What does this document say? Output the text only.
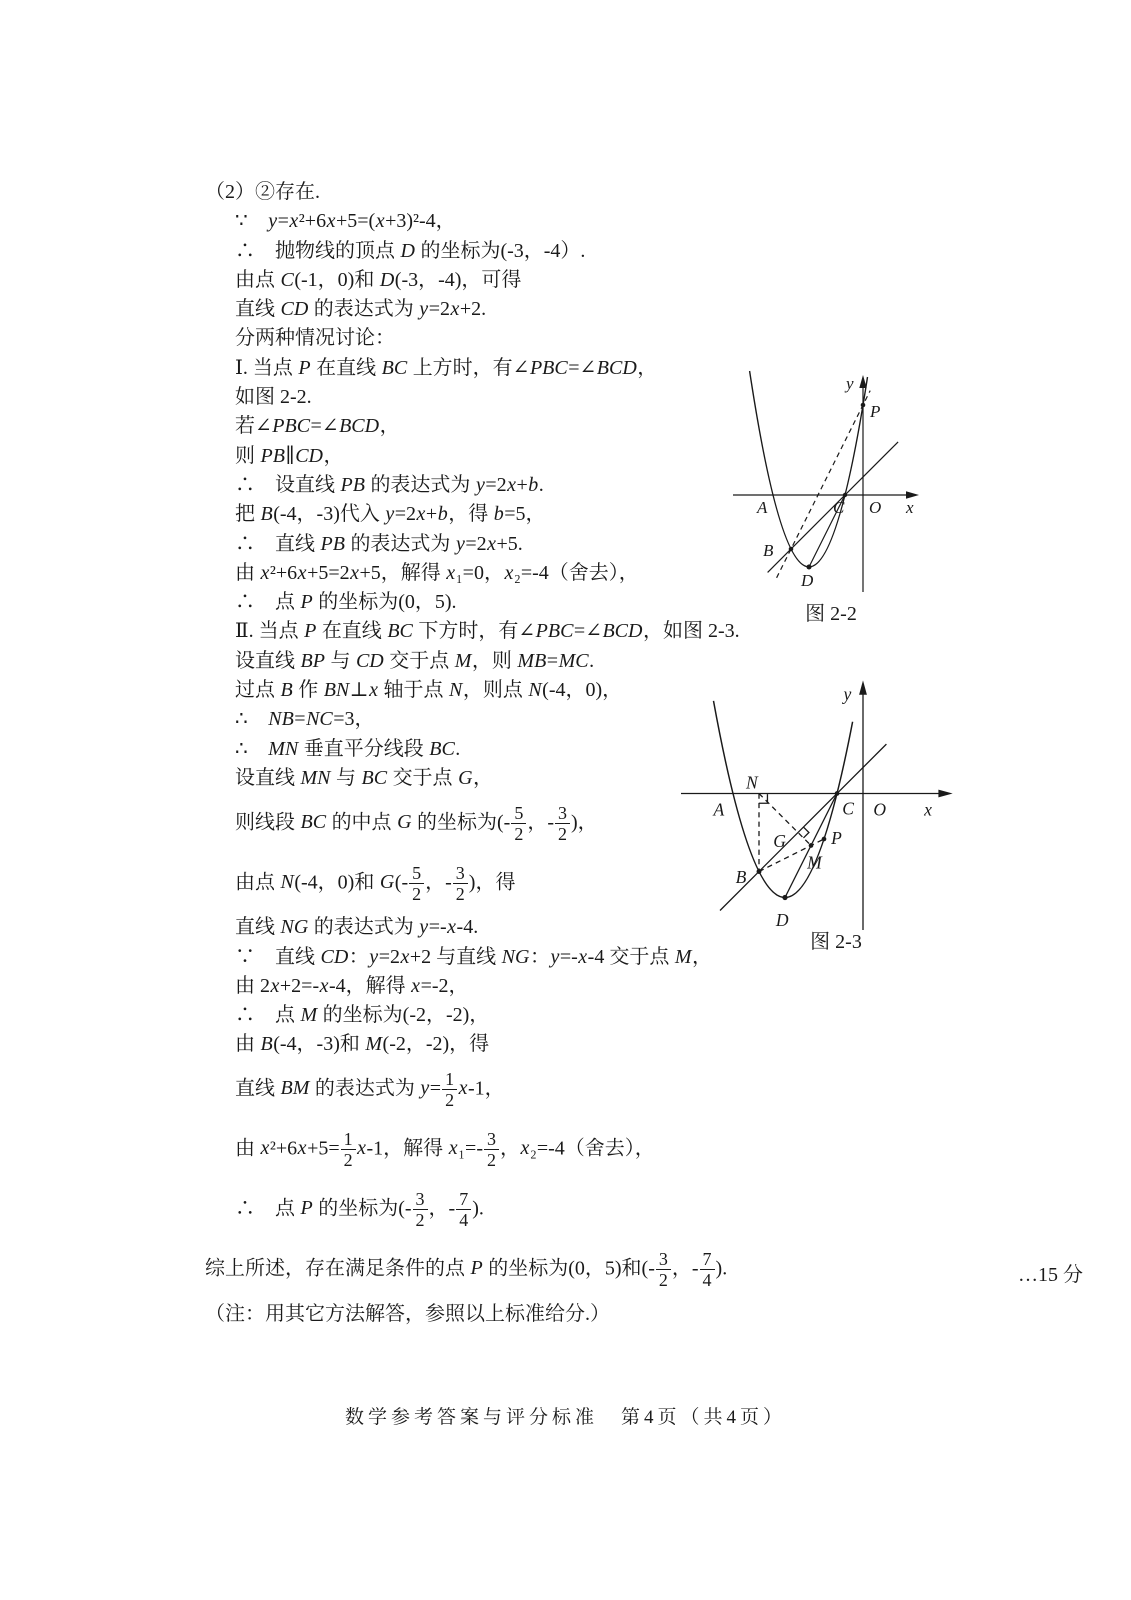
（2）②存在.
∵　y=x²+6x+5=(x+3)²-4，
∴　抛物线的顶点 D 的坐标为(-3，-4）.
由点 C(-1，0)和 D(-3，-4)，可得
直线 CD 的表达式为 y=2x+2.
分两种情况讨论：
Ⅰ. 当点 P 在直线 BC 上方时，有∠PBC=∠BCD，
如图 2-2.
若∠PBC=∠BCD，
则 PB∥CD，
∴　设直线 PB 的表达式为 y=2x+b.
把 B(-4，-3)代入 y=2x+b，得 b=5，
∴　直线 PB 的表达式为 y=2x+5.
由 x²+6x+5=2x+5，解得 x₁=0，x₂=-4（舍去），
∴　点 P 的坐标为(0，5).
Ⅱ. 当点 P 在直线 BC 下方时，有∠PBC=∠BCD，如图 2-3.
设直线 BP 与 CD 交于点 M，则 MB=MC.
过点 B 作 BN⊥x 轴于点 N，则点 N(-4，0)，
∴　NB=NC=3，
∴　MN 垂直平分线段 BC.
设直线 MN 与 BC 交于点 G，
则线段 BC 的中点 G 的坐标为(- $\frac{5}{2}$ ，- $\frac{3}{2}$ )，
由点 N(-4，0)和 $G(- \frac{5}{2}$ ，- $\frac{3}{2}$ )，得
直线 NG 的表达式为 y=-x-4.
∵　直线 CD：y=2x+2 与直线 NG：y=-x-4 交于点 M，
由 2x+2=-x-4，解得 x=-2，
∴　点 M 的坐标为(-2，-2)，
由 B(-4，-3)和 M(-2，-2)，得
直线 BM 的表达式为 $y= \frac{1}{2} x-1$，
由 $x^2+6x+5= \frac{1}{2} x-1$，解得 $x_1=- \frac{3}{2}$ ，x₂=-4（舍去），
∴　点 P 的坐标为(- $\frac{3}{2}$ ，- $\frac{7}{4}$ ).
综上所述，存在满足条件的点 P 的坐标为(0，5)和(- $\frac{3}{2}$ ，- $\frac{7}{4}$ ).
（注：用其它方法解答，参照以上标准给分.）
y
P
A	C O x
B
D
图 2-2
y
x
O
A
N
C
G	P
M
B
D
图 2-3
…15 分
数学参考答案与评分标准　第4页（共4页）
